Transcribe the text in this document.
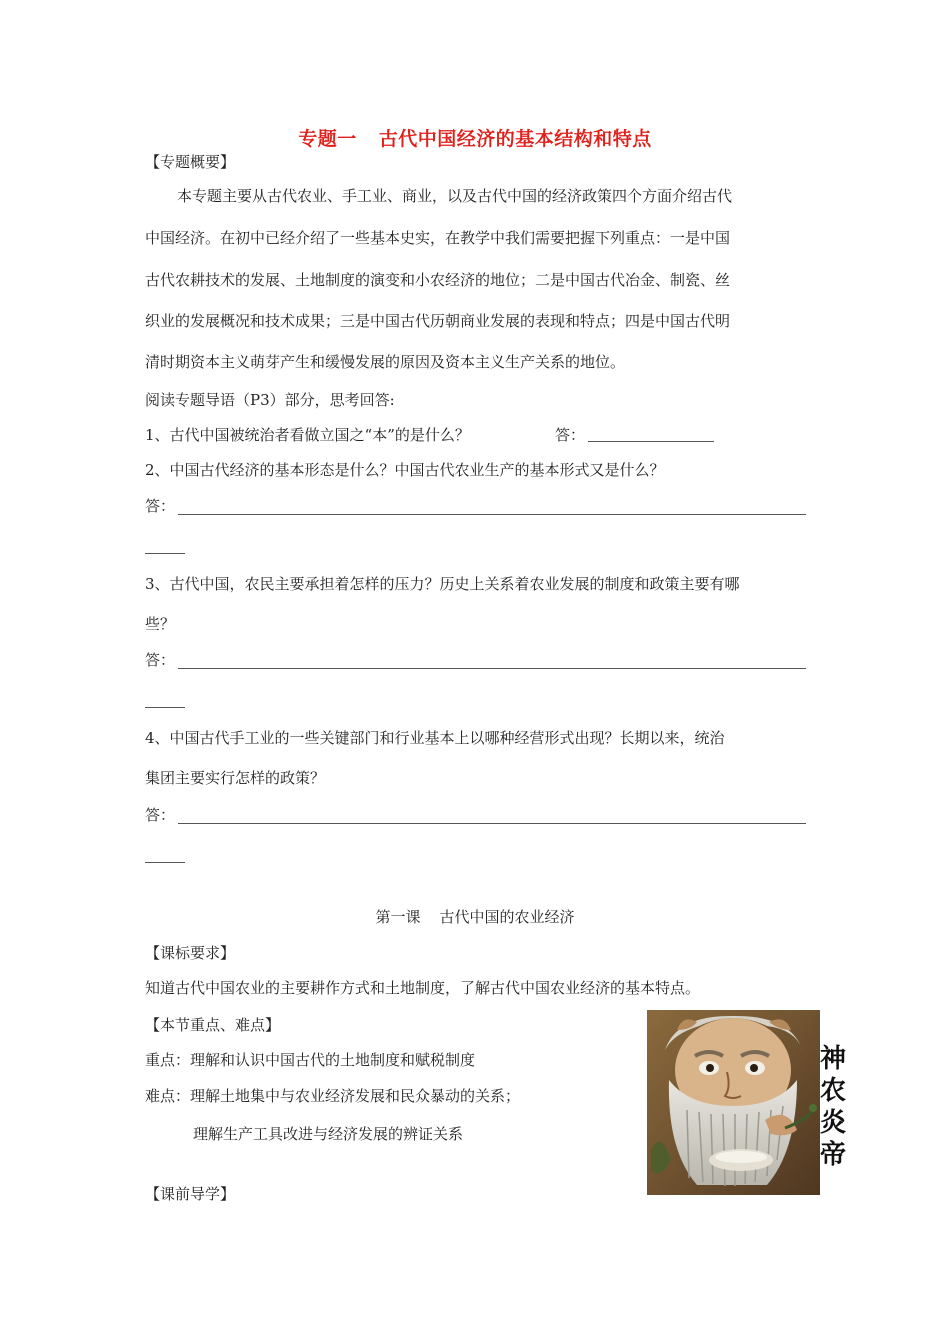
专题一 古代中国经济的基本结构和特点
【专题概要】
本专题主要从古代农业、手工业、商业，以及古代中国的经济政策四个方面介绍古代
中国经济。在初中已经介绍了一些基本史实，在教学中我们需要把握下列重点：一是中国
古代农耕技术的发展、土地制度的演变和小农经济的地位；二是中国古代冶金、制瓷、丝
织业的发展概况和技术成果；三是中国古代历朝商业发展的表现和特点；四是中国古代明
清时期资本主义萌芽产生和缓慢发展的原因及资本主义生产关系的地位。
阅读专题导语（P3）部分，思考回答:
1、古代中国被统治者看做立国之“本”的是什么？	答：
2、中国古代经济的基本形态是什么？中国古代农业生产的基本形式又是什么？
答：
3、古代中国，农民主要承担着怎样的压力？历史上关系着农业发展的制度和政策主要有哪
些？
答：
4、中国古代手工业的一些关键部门和行业基本上以哪种经营形式出现？长期以来，统治
集团主要实行怎样的政策？
答：
第一课 古代中国的农业经济
【课标要求】
知道古代中国农业的主要耕作方式和土地制度，了解古代中国农业经济的基本特点。
【本节重点、难点】
重点：理解和认识中国古代的土地制度和赋税制度
难点：理解土地集中与农业经济发展和民众暴动的关系；
理解生产工具改进与经济发展的辨证关系
【课前导学】
神
农
炎
帝
